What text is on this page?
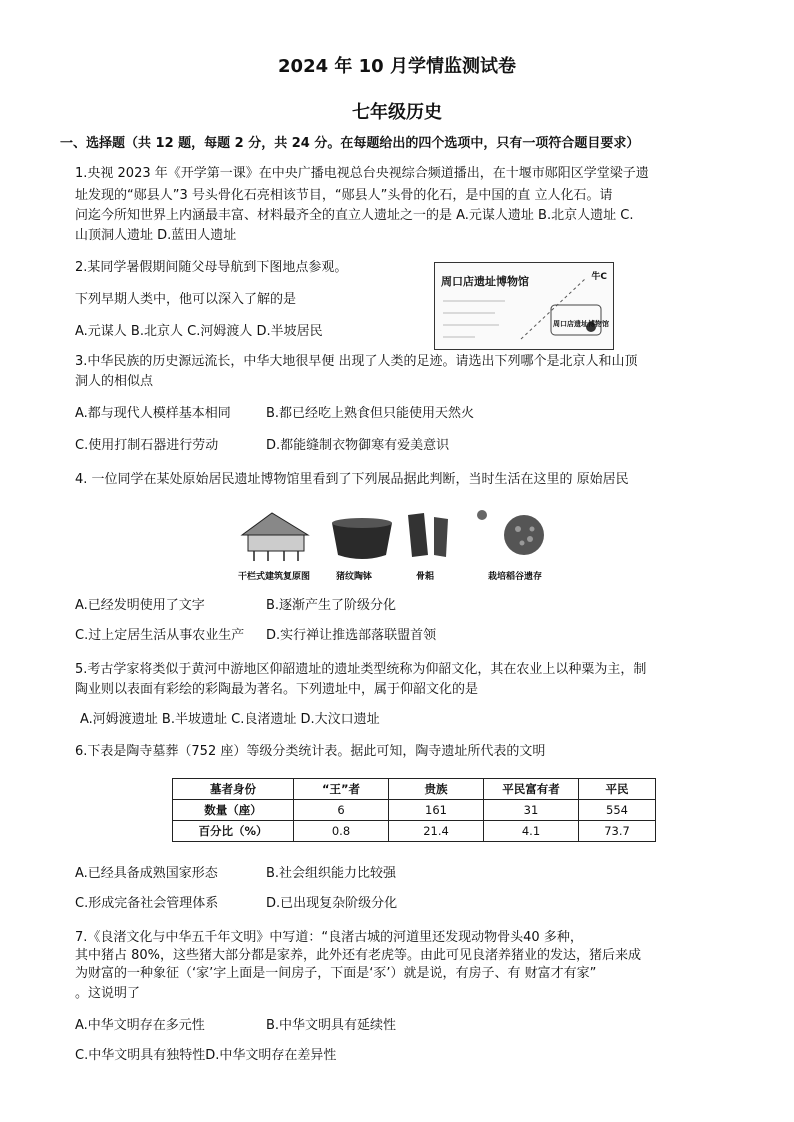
2024 年 10 月学情监测试卷
七年级历史
一、选择题（共 12 题，每题 2 分，共 24 分。在每题给出的四个选项中，只有一项符合题目要求）
1.央视 2023 年《开学第一课》在中央广播电视总台央视综合频道播出，在十堰市郧阳区学堂梁子遗
址发现的“郧县人”3 号头骨化石亮相该节目，“郧县人”头骨的化石，是中国的直 立人化石。请
问迄今所知世界上内涵最丰富、材料最齐全的直立人遗址之一的是 A.元谋人遗址 B.北京人遗址 C.
山顶洞人遗址 D.蓝田人遗址
2.某同学暑假期间随父母导航到下图地点参观。
下列早期人类中，他可以深入了解的是
A.元谋人 B.北京人 C.河姆渡人 D.半坡居民
周口店遗址博物馆	牛C
周口店遗址博物馆
3.中华民族的历史源远流长，中华大地很早便 出现了人类的足迹。请选出下列哪个是北京人和山顶
洞人的相似点
A.都与现代人模样基本相同	B.都已经吃上熟食但只能使用天然火
C.使用打制石器进行劳动	D.都能缝制衣物御寒有爱美意识
4. 一位同学在某处原始居民遗址博物馆里看到了下列展品据此判断，当时生活在这里的 原始居民
干栏式建筑复原图	猪纹陶钵	骨耜	栽培稻谷遗存
A.已经发明使用了文字	B.逐渐产生了阶级分化
C.过上定居生活从事农业生产 D.实行禅让推选部落联盟首领
5.考古学家将类似于黄河中游地区仰韶遗址的遗址类型统称为仰韶文化，其在农业上以种粟为主，制
陶业则以表面有彩绘的彩陶最为著名。下列遗址中，属于仰韶文化的是
A.河姆渡遗址 B.半坡遗址 C.良渚遗址 D.大汶口遗址
6.下表是陶寺墓葬（752 座）等级分类统计表。据此可知，陶寺遗址所代表的文明
墓者身份	“王”者	贵族	平民富有者	平民
数量（座）	6	161	31	554
百分比（%）	0.8	21.4	4.1	73.7
A.已经具备成熟国家形态	B.社会组织能力比较强
C.形成完备社会管理体系	D.已出现复杂阶级分化
7.《良渚文化与中华五千年文明》中写道：“良渚古城的河道里还发现动物骨头40 多种，
其中猪占 80%，这些猪大部分都是家养，此外还有老虎等。由此可见良渚养猪业的发达，猪后来成
为财富的一种象征（‘家’字上面是一间房子，下面是‘豕’）就是说，有房子、有 财富才有家”
。这说明了
A.中华文明存在多元性	B.中华文明具有延续性
C.中华文明具有独特性D.中华文明存在差异性
